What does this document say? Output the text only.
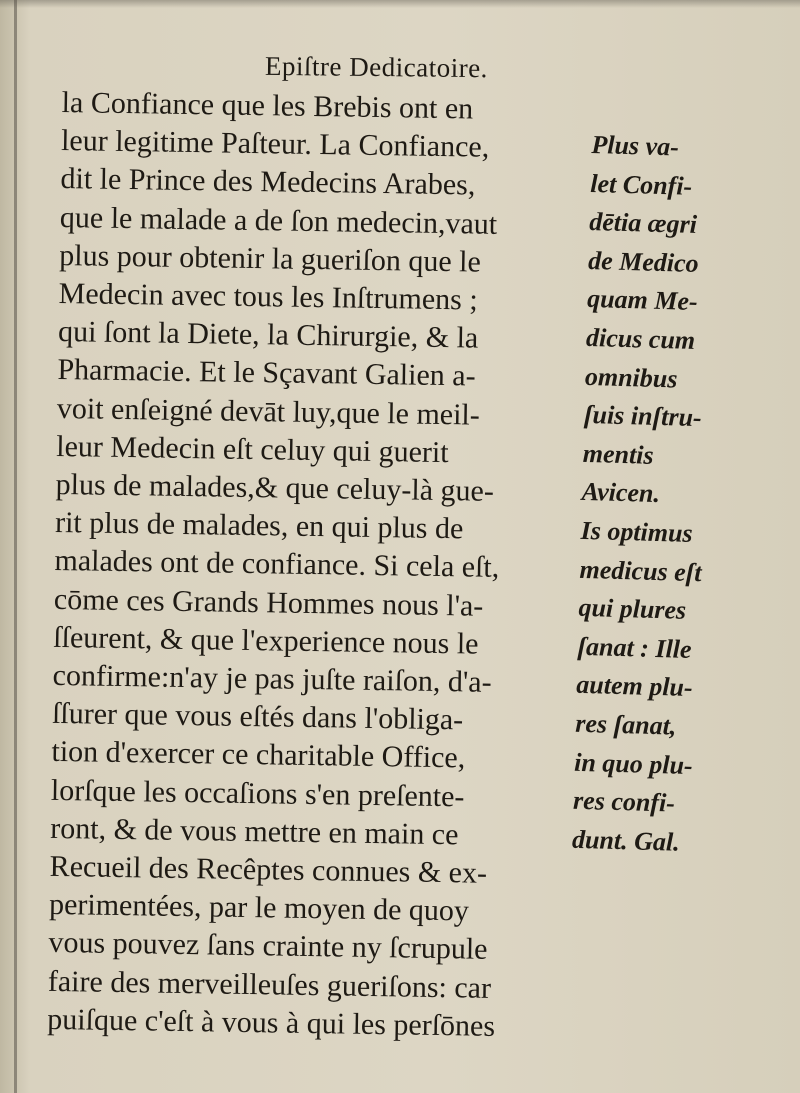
Epiſtre Dedicatoire.
la Confiance que les Brebis ont en
leur legitime Paſteur. La Confiance,
dit le Prince des Medecins Arabes,
que le malade a de ſon medecin,vaut
plus pour obtenir la gueriſon que le
Medecin avec tous les Inſtrumens ;
qui ſont la Diete, la Chirurgie, & la
Pharmacie. Et le Sçavant Galien a-
voit enſeigné devāt luy,que le meil-
leur Medecin eſt celuy qui guerit
plus de malades,& que celuy-là gue-
rit plus de malades, en qui plus de
malades ont de confiance. Si cela eſt,
cōme ces Grands Hommes nous l'a-
ſſeurent, & que l'experience nous le
confirme:n'ay je pas juſte raiſon, d'a-
ſſurer que vous eſtés dans l'obliga-
tion d'exercer ce charitable Office,
lorſque les occaſions s'en preſente-
ront, & de vous mettre en main ce
Recueil des Recêptes connues & ex-
perimentées, par le moyen de quoy
vous pouvez ſans crainte ny ſcrupule
faire des merveilleuſes gueriſons: car
puiſque c'eſt à vous à qui les perſōnes
Plus va-
let Confi-
dētia ægri
de Medico
quam Me-
dicus cum
omnibus
ſuis inſtru-
mentis
Avicen.
Is optimus
medicus eſt
qui plures
ſanat : Ille
autem plu-
res ſanat,
in quo plu-
res confi-
dunt. Gal.
